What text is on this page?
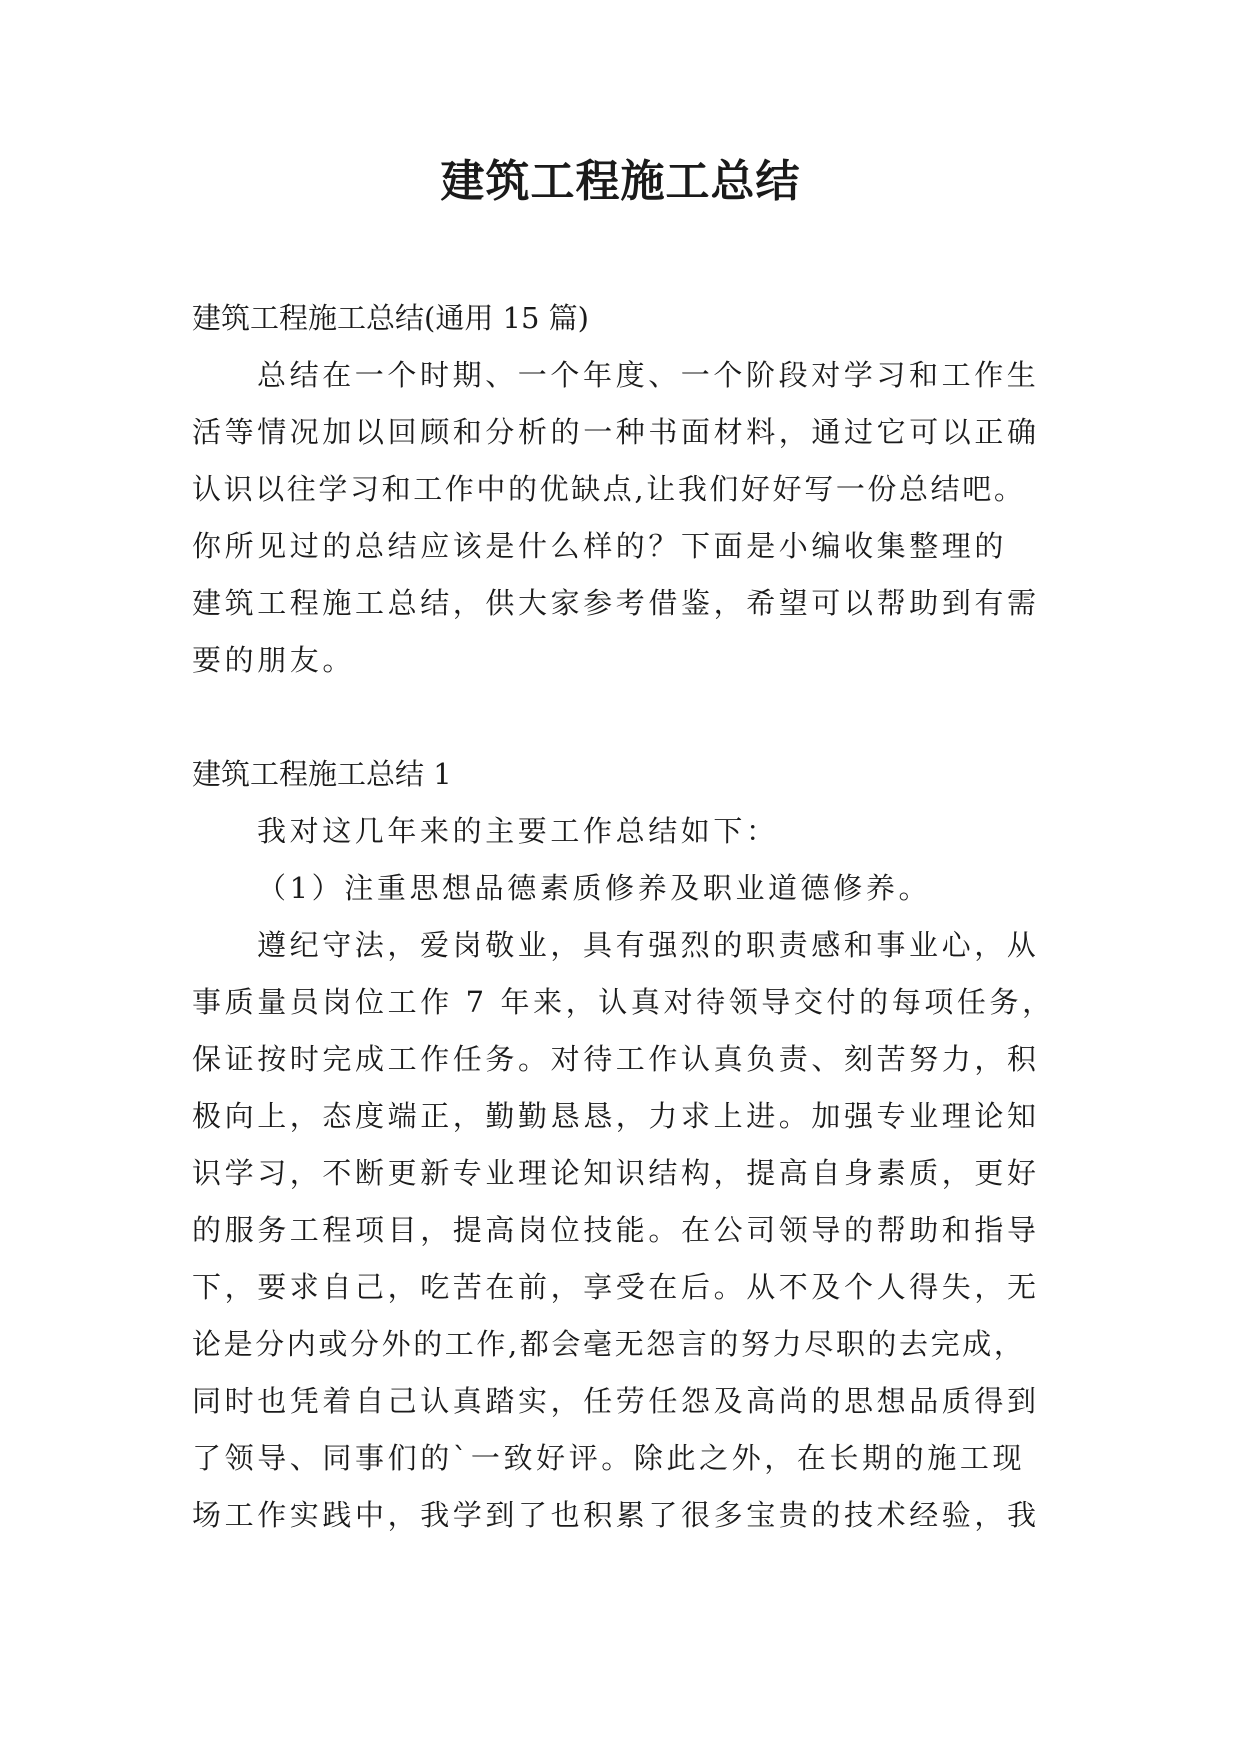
建筑工程施工总结
建筑工程施工总结(通用 15 篇)
总结在一个时期、一个年度、一个阶段对学习和工作生
活等情况加以回顾和分析的一种书面材料，通过它可以正确
认识以往学习和工作中的优缺点,让我们好好写一份总结吧。
你所见过的总结应该是什么样的？下面是小编收集整理的
建筑工程施工总结，供大家参考借鉴，希望可以帮助到有需
要的朋友。
建筑工程施工总结 1
我对这几年来的主要工作总结如下：
（1）注重思想品德素质修养及职业道德修养。
遵纪守法，爱岗敬业，具有强烈的职责感和事业心，从
事质量员岗位工作 7 年来，认真对待领导交付的每项任务，
保证按时完成工作任务。对待工作认真负责、刻苦努力，积
极向上，态度端正，勤勤恳恳，力求上进。加强专业理论知
识学习，不断更新专业理论知识结构，提高自身素质，更好
的服务工程项目，提高岗位技能。在公司领导的帮助和指导
下，要求自己，吃苦在前，享受在后。从不及个人得失，无
论是分内或分外的工作,都会毫无怨言的努力尽职的去完成，
同时也凭着自己认真踏实，任劳任怨及高尚的思想品质得到
了领导、同事们的`一致好评。除此之外，在长期的施工现
场工作实践中，我学到了也积累了很多宝贵的技术经验，我
